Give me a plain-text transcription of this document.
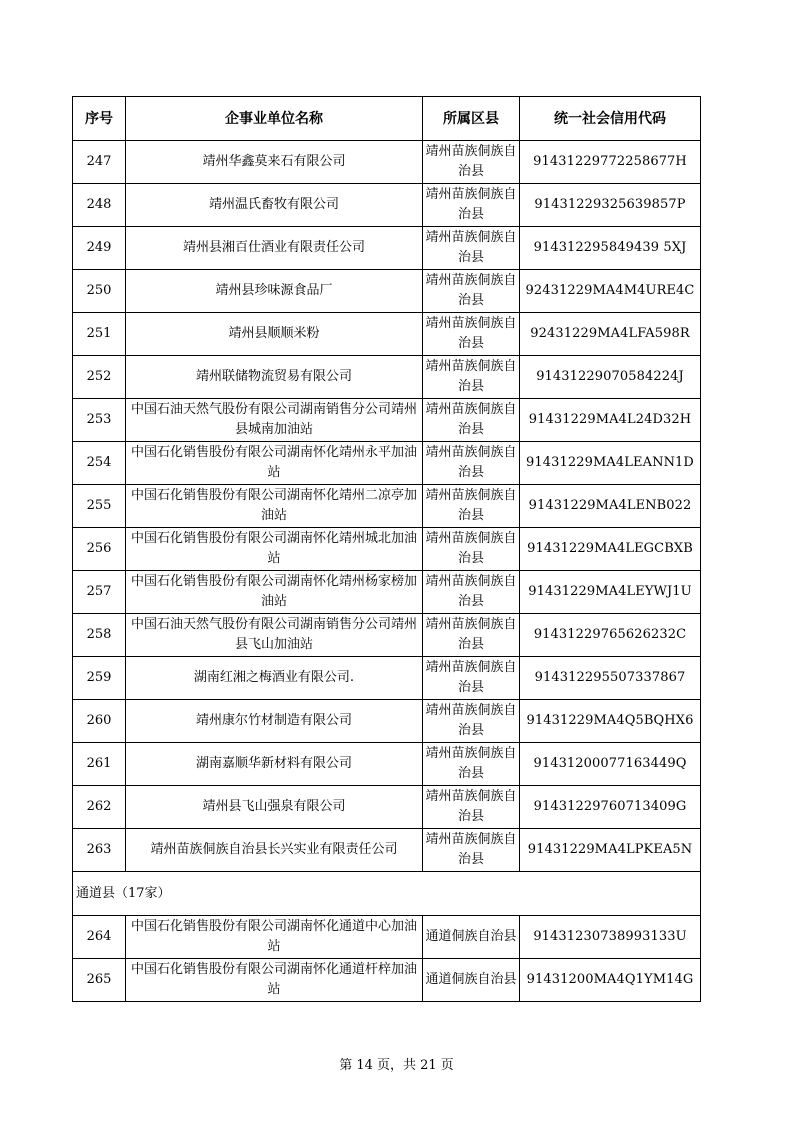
序号	企事业单位名称	所属区县	统一社会信用代码
247	靖州华鑫莫来石有限公司	靖州苗族侗族自治县	91431229772258677H
248	靖州温氏畜牧有限公司	靖州苗族侗族自治县	91431229325639857P
249	靖州县湘百仕酒业有限责任公司	靖州苗族侗族自治县	914312295849439 5XJ
250	靖州县珍味源食品厂	靖州苗族侗族自治县	92431229MA4M4URE4C
251	靖州县顺顺米粉	靖州苗族侗族自治县	92431229MA4LFA598R
252	靖州联储物流贸易有限公司	靖州苗族侗族自治县	91431229070584224J
253	中国石油天然气股份有限公司湖南销售分公司靖州县城南加油站	靖州苗族侗族自治县	91431229MA4L24D32H
254	中国石化销售股份有限公司湖南怀化靖州永平加油站	靖州苗族侗族自治县	91431229MA4LEANN1D
255	中国石化销售股份有限公司湖南怀化靖州二凉亭加油站	靖州苗族侗族自治县	91431229MA4LENB022
256	中国石化销售股份有限公司湖南怀化靖州城北加油站	靖州苗族侗族自治县	91431229MA4LEGCBXB
257	中国石化销售股份有限公司湖南怀化靖州杨家榜加油站	靖州苗族侗族自治县	91431229MA4LEYWJ1U
258	中国石油天然气股份有限公司湖南销售分公司靖州县飞山加油站	靖州苗族侗族自治县	91431229765626232C
259	湖南红湘之梅酒业有限公司.	靖州苗族侗族自治县	914312295507337867
260	靖州康尔竹材制造有限公司	靖州苗族侗族自治县	91431229MA4Q5BQHX6
261	湖南嘉顺华新材料有限公司	靖州苗族侗族自治县	91431200077163449Q
262	靖州县飞山强泉有限公司	靖州苗族侗族自治县	91431229760713409G
263	靖州苗族侗族自治县长兴实业有限责任公司	靖州苗族侗族自治县	91431229MA4LPKEA5N
通道县（17家）			
264	中国石化销售股份有限公司湖南怀化通道中心加油站	通道侗族自治县	91431230738993133U
265	中国石化销售股份有限公司湖南怀化通道杆梓加油站	通道侗族自治县	91431200MA4Q1YM14G
第 14 页，共 21 页
